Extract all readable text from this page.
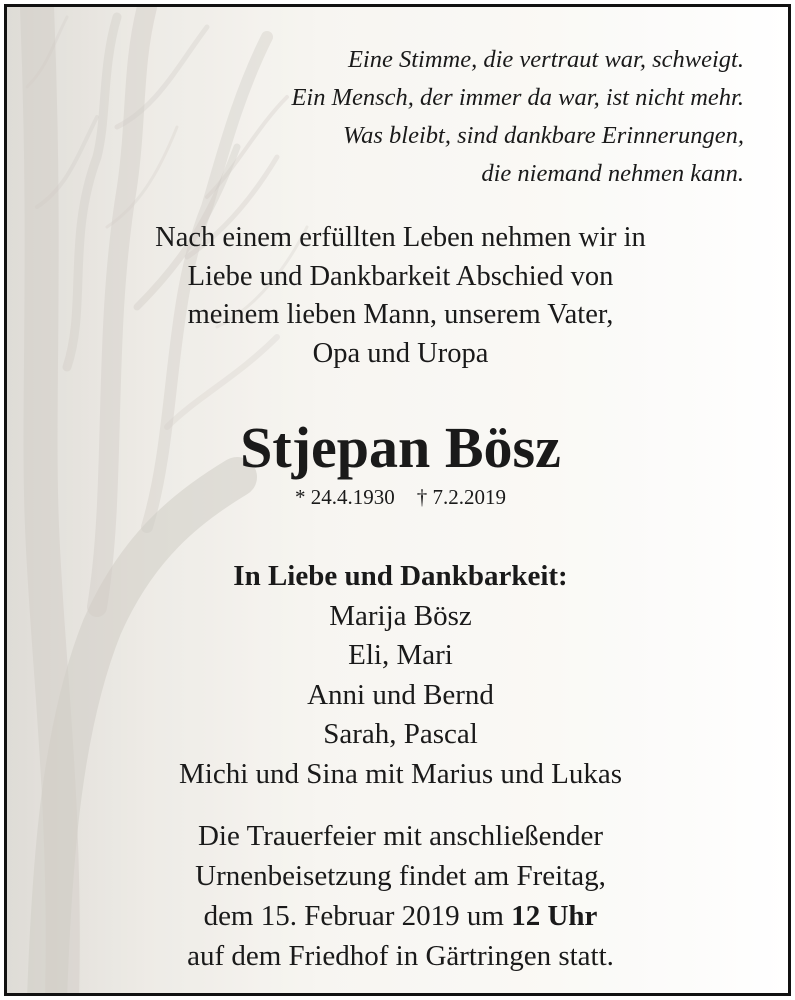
Eine Stimme, die vertraut war, schweigt.
Ein Mensch, der immer da war, ist nicht mehr.
Was bleibt, sind dankbare Erinnerungen,
die niemand nehmen kann.
Nach einem erfüllten Leben nehmen wir in
Liebe und Dankbarkeit Abschied von
meinem lieben Mann, unserem Vater,
Opa und Uropa
Stjepan Bösz
* 24.4.1930 † 7.2.2019
In Liebe und Dankbarkeit:
Marija Bösz
Eli, Mari
Anni und Bernd
Sarah, Pascal
Michi und Sina mit Marius und Lukas
Die Trauerfeier mit anschließender
Urnenbeisetzung findet am Freitag,
dem 15. Februar 2019 um 12 Uhr
auf dem Friedhof in Gärtringen statt.
